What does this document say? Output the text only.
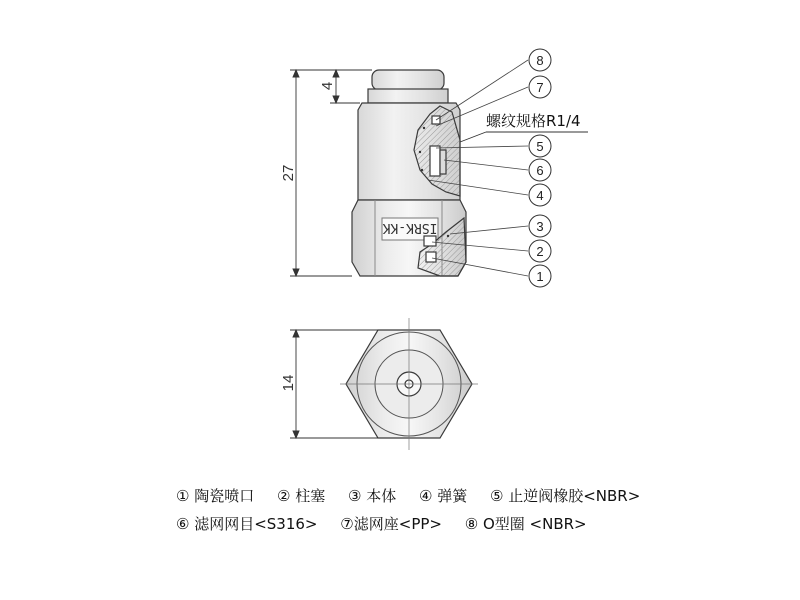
ISRK-KK
4
27
螺纹规格R1/4
8
7
5
6
4
3
2
1
14
① 陶瓷喷口 ② 柱塞 ③ 本体 ④ 弹簧 ⑤ 止逆阀橡胶<NBR>
⑥ 滤网网目<S316> ⑦滤网座<PP> ⑧ O型圈 <NBR>
